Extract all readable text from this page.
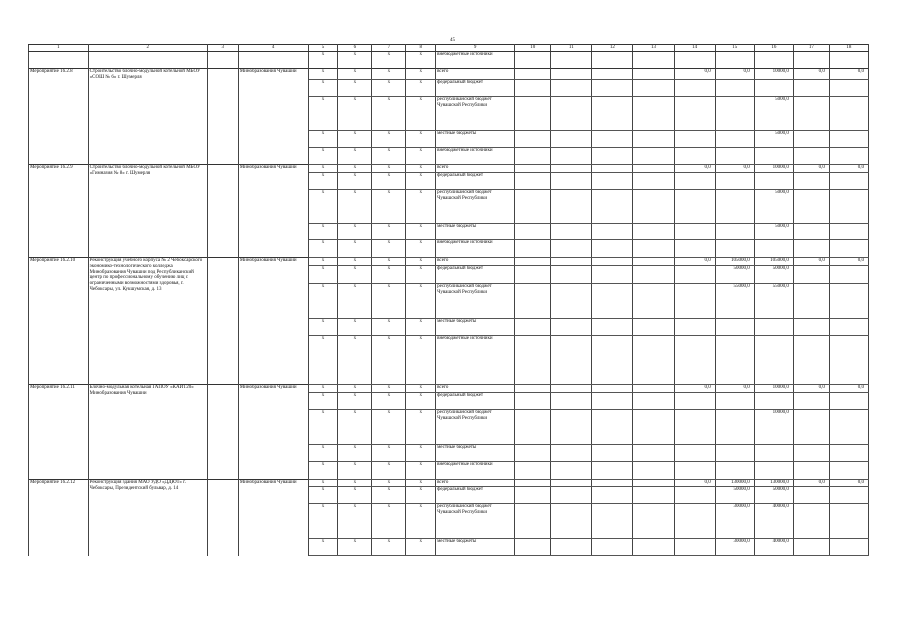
45
1	2	3	4	5	6	7	8	9	10	11	12	13	14	15	16	17	18
				x	x	x	x	внебюджетные источники									
Мероприятие 16.2.8	Строительство блочно-модульной котельной МБОУ «СОШ № 6» г. Шумерля		Минобразования Чувашии	x	x	x	x	всего					0,0	0,0	10000,0	0,0	0,0
				x	x	x	x	федеральный бюджет									
				x	x	x	x	республиканский бюджет Чувашской Республики							5000,0		
				x	x	x	x	местные бюджеты							5000,0		
				x	x	x	x	внебюджетные источники									
Мероприятие 16.2.9	Строительство блочно-модульной котельной МБОУ «Гимназия № 8» г. Шумерля		Минобразования Чувашии	x	x	x	x	всего					0,0	0,0	10000,0	0,0	0,0
				x	x	x	x	федеральный бюджет									
				x	x	x	x	республиканский бюджет Чувашской Республики							5000,0		
				x	x	x	x	местные бюджеты							5000,0		
				x	x	x	x	внебюджетные источники									
Мероприятие 16.2.10	Реконструкция учебного корпуса № 2 Чебоксарского экономико-технологического колледжа Минобразования Чувашии под Республиканский центр по профессиональному обучению лиц с ограниченными возможностями здоровья, г. Чебоксары, ул. Кукшумская, д. 13		Минобразования Чувашии	x	x	x	x	всего					0,0	105000,0	105000,0	0,0	0,0
				x	x	x	x	федеральный бюджет						50000,0	50000,0		
				x	x	x	x	республиканский бюджет Чувашской Республики						55000,0	55000,0		
				x	x	x	x	местные бюджеты									
				x	x	x	x	внебюджетные источники									
Мероприятие 16.2.11	Блочно-модульная котельная ГАПОУ «КАИТ20» Минобразования Чувашии		Минобразования Чувашии	x	x	x	x	всего					0,0	0,0	10000,0	0,0	0,0
				x	x	x	x	федеральный бюджет									
				x	x	x	x	республиканский бюджет Чувашской Республики							10000,0		
				x	x	x	x	местные бюджеты									
				x	x	x	x	внебюджетные источники									
Мероприятие 16.2.12	Реконструкция здания МАО УДО «ДДЮТ» г. Чебоксары, Президентский бульвар, д. 14		Минобразования Чувашии	x	x	x	x	всего					0,0	130000,0	130000,0	0,0	0,0
				x	x	x	x	федеральный бюджет						50000,0	50000,0		
				x	x	x	x	республиканский бюджет Чувашской Республики						30000,0	40000,0		
				x	x	x	x	местные бюджеты						30000,0	40000,0		
